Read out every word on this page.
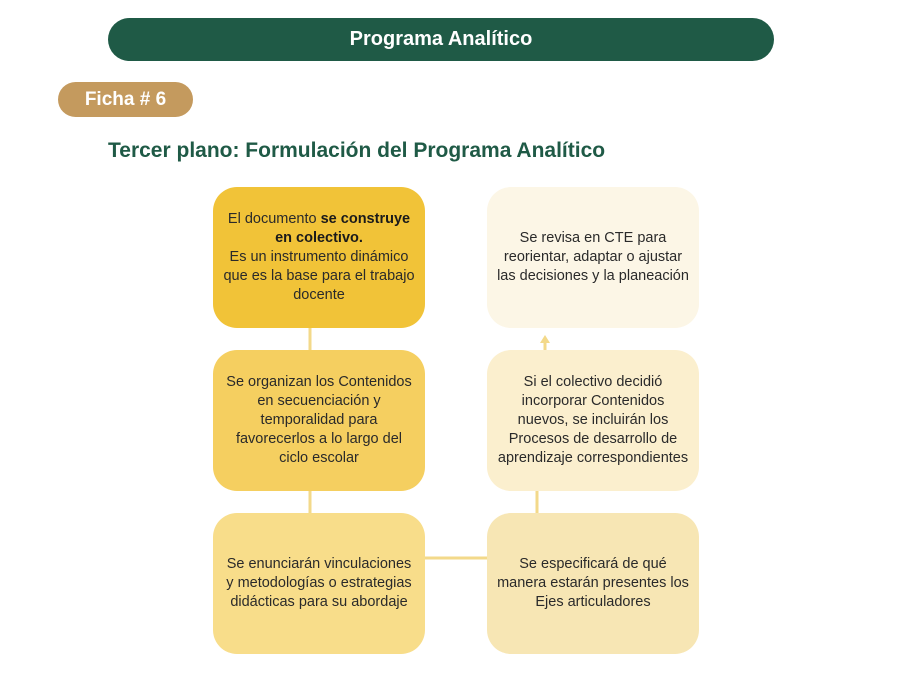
Programa Analítico
Ficha # 6
Tercer plano: Formulación del Programa Analítico

El documento se construye en colectivo.
Es un instrumento dinámico que es la base para el trabajo docente

Se organizan los Contenidos en secuenciación y temporalidad para favorecerlos a lo largo del ciclo escolar

Se enunciarán vinculaciones y metodologías o estrategias didácticas para su abordaje

Se revisa en CTE para reorientar, adaptar o ajustar las decisiones y la planeación

Si el colectivo decidió incorporar Contenidos nuevos, se incluirán los Procesos de desarrollo de aprendizaje correspondientes

Se especificará de qué manera estarán presentes los Ejes articuladores
